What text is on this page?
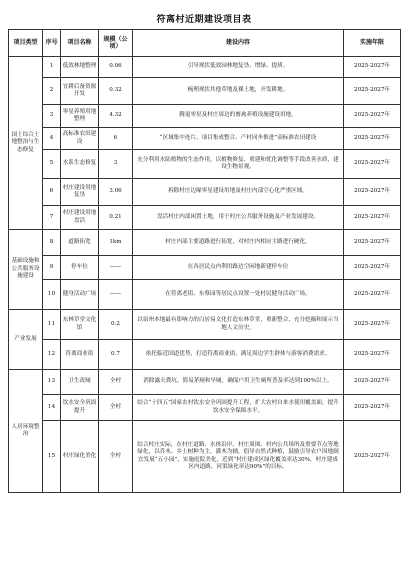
符离村近期建设项目表
项目类型	序号	项目名称	规模（公顷）	建设内容	实施年限
国土综合土地整治与生态修复	1	低效林地整理	0.06	引导现状低效园林地复垦、增绿、提质。	2025-2027年
	2	宜耕后备资源开发	0.32	梳理现状其他草地及裸土地，开发耕地。	2025-2027年
	3	零星养殖用地整理	4.32	腾退零星及村庄周边的畜禽养殖设施建设用地。	2025-2027年
	4	高标准农田建设	6	“区域集中连片、项目集成整合、产村同步推进”高标准农田建设	2025-2027年
	5	水系生态修复	3	充分利用水陆植物的生态作用，以植物修复、重建和优化调整等手段改善水质，建设生物景观。	2025-2027年
	6	村庄建设用地复垦	3.06	拆除村庄边缘零星建设用地及村庄内部空心化严重区域。	2025-2027年
	7	村庄建设用地盘活	0.21	盘活村庄内部闲置土地，用于村庄公共服务设施及产业发展建设。	2025-2027年
基础设施和公共服务设施建设	8	道路拓宽	1km	村庄内部主要道路进行拓宽，对村庄内相应主路进行硬化。	2025-2027年
	9	停车位	——	在各居民点内利用路边空闲地新建停车位	2025-2027年
	10	健身活动广场	——	在符离老街、东蔡园等居民点设置一处村民健身活动广场。	2025-2027年
产业发展	11	东林草堂文化馆	0.2	以宿州本地最有影响力的白居易文化打造东林草堂，重新整合，充分挖掘和展示当地人文历史。	2025-2027年
	12	符离商业街	0.7	依托临近国道优势，打造符离商业街，满足周边学生群体与游客消费需求。	2025-2027年
人居环境整治	13	卫生改厕	全村	消除露天粪坑、简易茅厕和旱厕，确保户用卫生厕所普及率达到100%以上。	2025-2027年
	14	饮水安全巩固提升	全村	结合“十四五”国家农村饮水安全巩固提升工程，扩大农村自来水使用覆盖面，提升饮水安全保障水平。	2025-2027年
	15	村庄绿化美化	全村	结合村庄实际，在村庄道路、水体沿岸、村庄周围、村内公共场所及重要节点等地绿化，以乔木、乡土树种为主，灌木为辅，倡导自然式种植，鼓励引导农户因地制宜发展“五小园”，实施庭院美化，近到“村庄建成区绿化覆盖率达30%，村庄建成区内道路、河渠绿化率达90%”的目标。	2025-2027年
